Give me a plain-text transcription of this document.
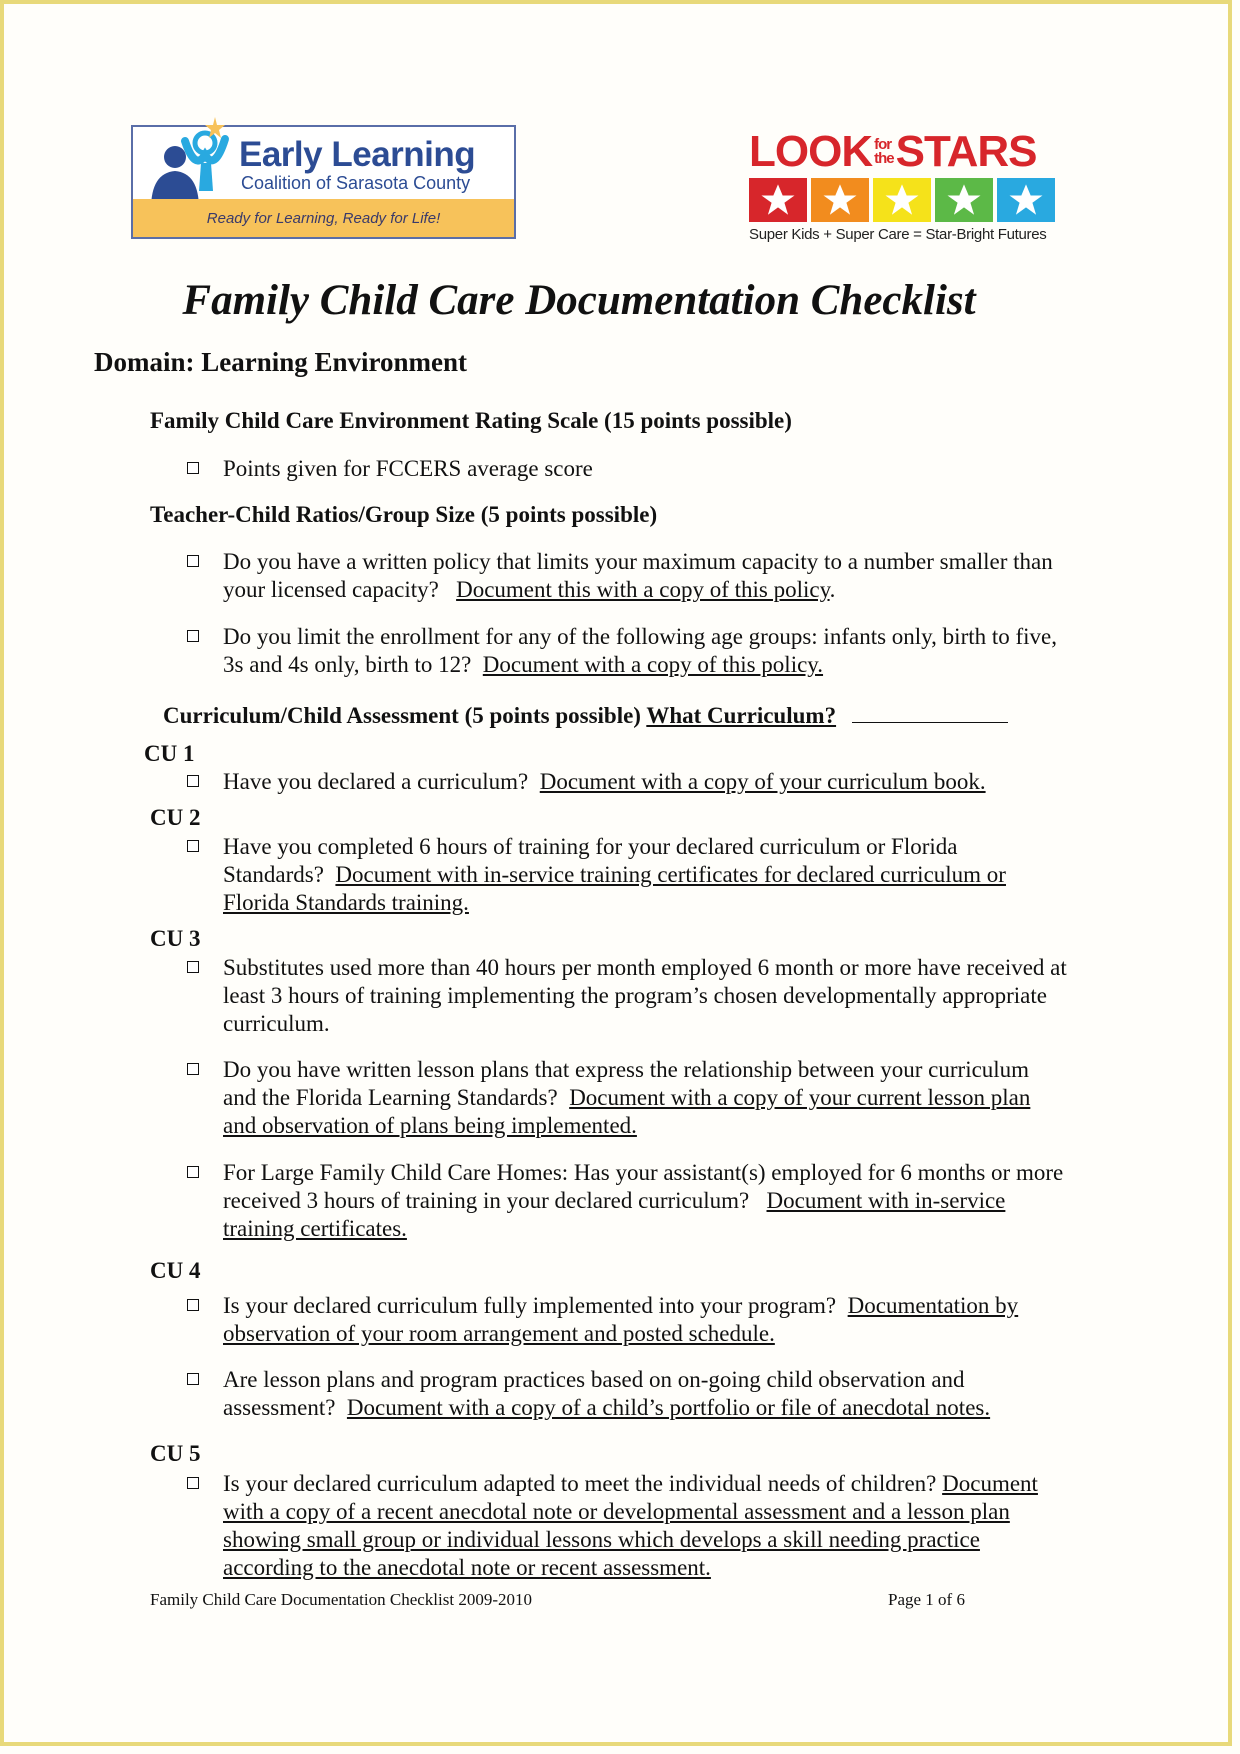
Early Learning
Coalition of Sarasota County
Ready for Learning, Ready for Life!
LOOK for
the STARS
Super Kids + Super Care = Star-Bright Futures
Family Child Care Documentation Checklist
Domain: Learning Environment
Family Child Care Environment Rating Scale (15 points possible)
Points given for FCCERS average score
Teacher-Child Ratios/Group Size (5 points possible)
Do you have a written policy that limits your maximum capacity to a number smaller than your licensed capacity? Document this with a copy of this policy.
Do you limit the enrollment for any of the following age groups: infants only, birth to five, 3s and 4s only, birth to 12? Document with a copy of this policy.
Curriculum/Child Assessment (5 points possible) What Curriculum?
CU 1
Have you declared a curriculum? Document with a copy of your curriculum book.
CU 2
Have you completed 6 hours of training for your declared curriculum or Florida Standards? Document with in-service training certificates for declared curriculum or Florida Standards training.
CU 3
Substitutes used more than 40 hours per month employed 6 month or more have received at least 3 hours of training implementing the program’s chosen developmentally appropriate curriculum.
Do you have written lesson plans that express the relationship between your curriculum and the Florida Learning Standards? Document with a copy of your current lesson plan and observation of plans being implemented.
For Large Family Child Care Homes: Has your assistant(s) employed for 6 months or more received 3 hours of training in your declared curriculum? Document with in-service training certificates.
CU 4
Is your declared curriculum fully implemented into your program? Documentation by observation of your room arrangement and posted schedule.
Are lesson plans and program practices based on on-going child observation and assessment? Document with a copy of a child’s portfolio or file of anecdotal notes.
CU 5
Is your declared curriculum adapted to meet the individual needs of children? Document with a copy of a recent anecdotal note or developmental assessment and a lesson plan showing small group or individual lessons which develops a skill needing practice according to the anecdotal note or recent assessment.
Family Child Care Documentation Checklist 2009-2010	Page 1 of 6
